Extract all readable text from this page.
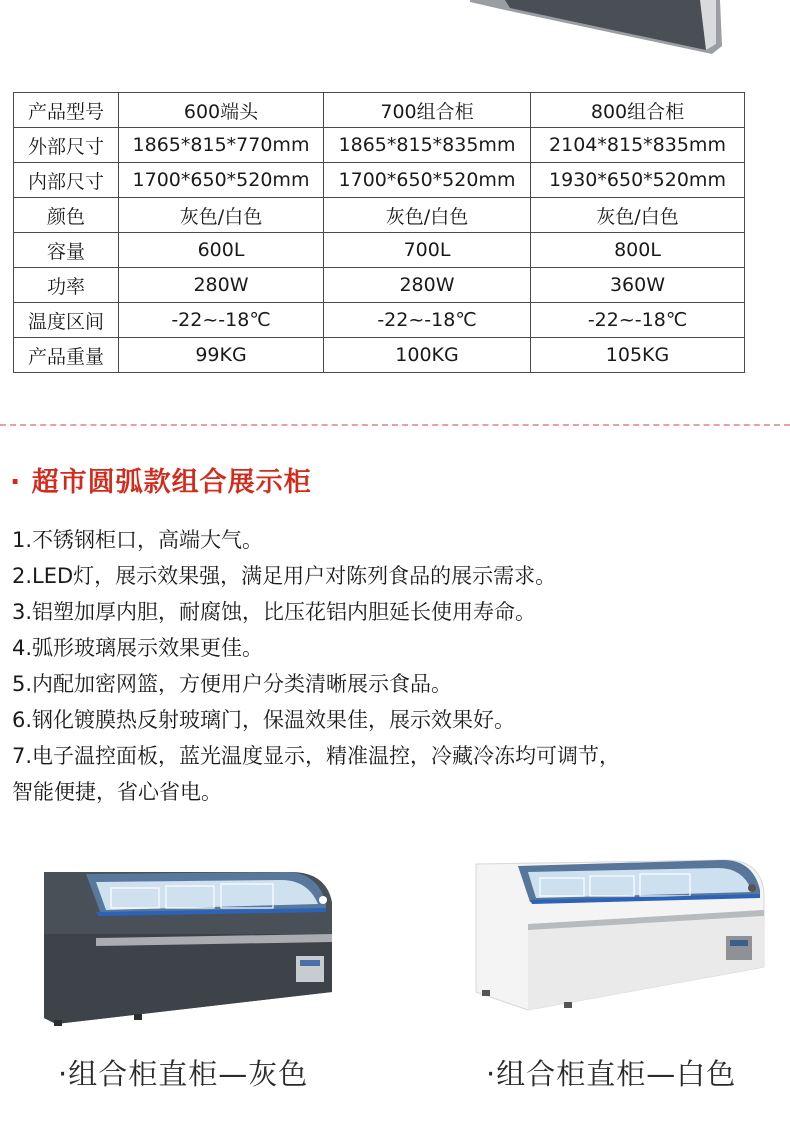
产品型号	600端头	700组合柜	800组合柜
外部尺寸	1865*815*770mm	1865*815*835mm	2104*815*835mm
内部尺寸	1700*650*520mm	1700*650*520mm	1930*650*520mm
颜色	灰色/白色	灰色/白色	灰色/白色
容量	600L	700L	800L
功率	280W	280W	360W
温度区间	-22~-18℃	-22~-18℃	-22~-18℃
产品重量	99KG	100KG	105KG
· 超市圆弧款组合展示柜
1.不锈钢柜口，高端大气。
2.LED灯，展示效果强，满足用户对陈列食品的展示需求。
3.铝塑加厚内胆，耐腐蚀，比压花铝内胆延长使用寿命。
4.弧形玻璃展示效果更佳。
5.内配加密网篮，方便用户分类清晰展示食品。
6.钢化镀膜热反射玻璃门，保温效果佳，展示效果好。
7.电子温控面板，蓝光温度显示，精准温控，冷藏冷冻均可调节，
智能便捷，省心省电。
·组合柜直柜—灰色	·组合柜直柜—白色
